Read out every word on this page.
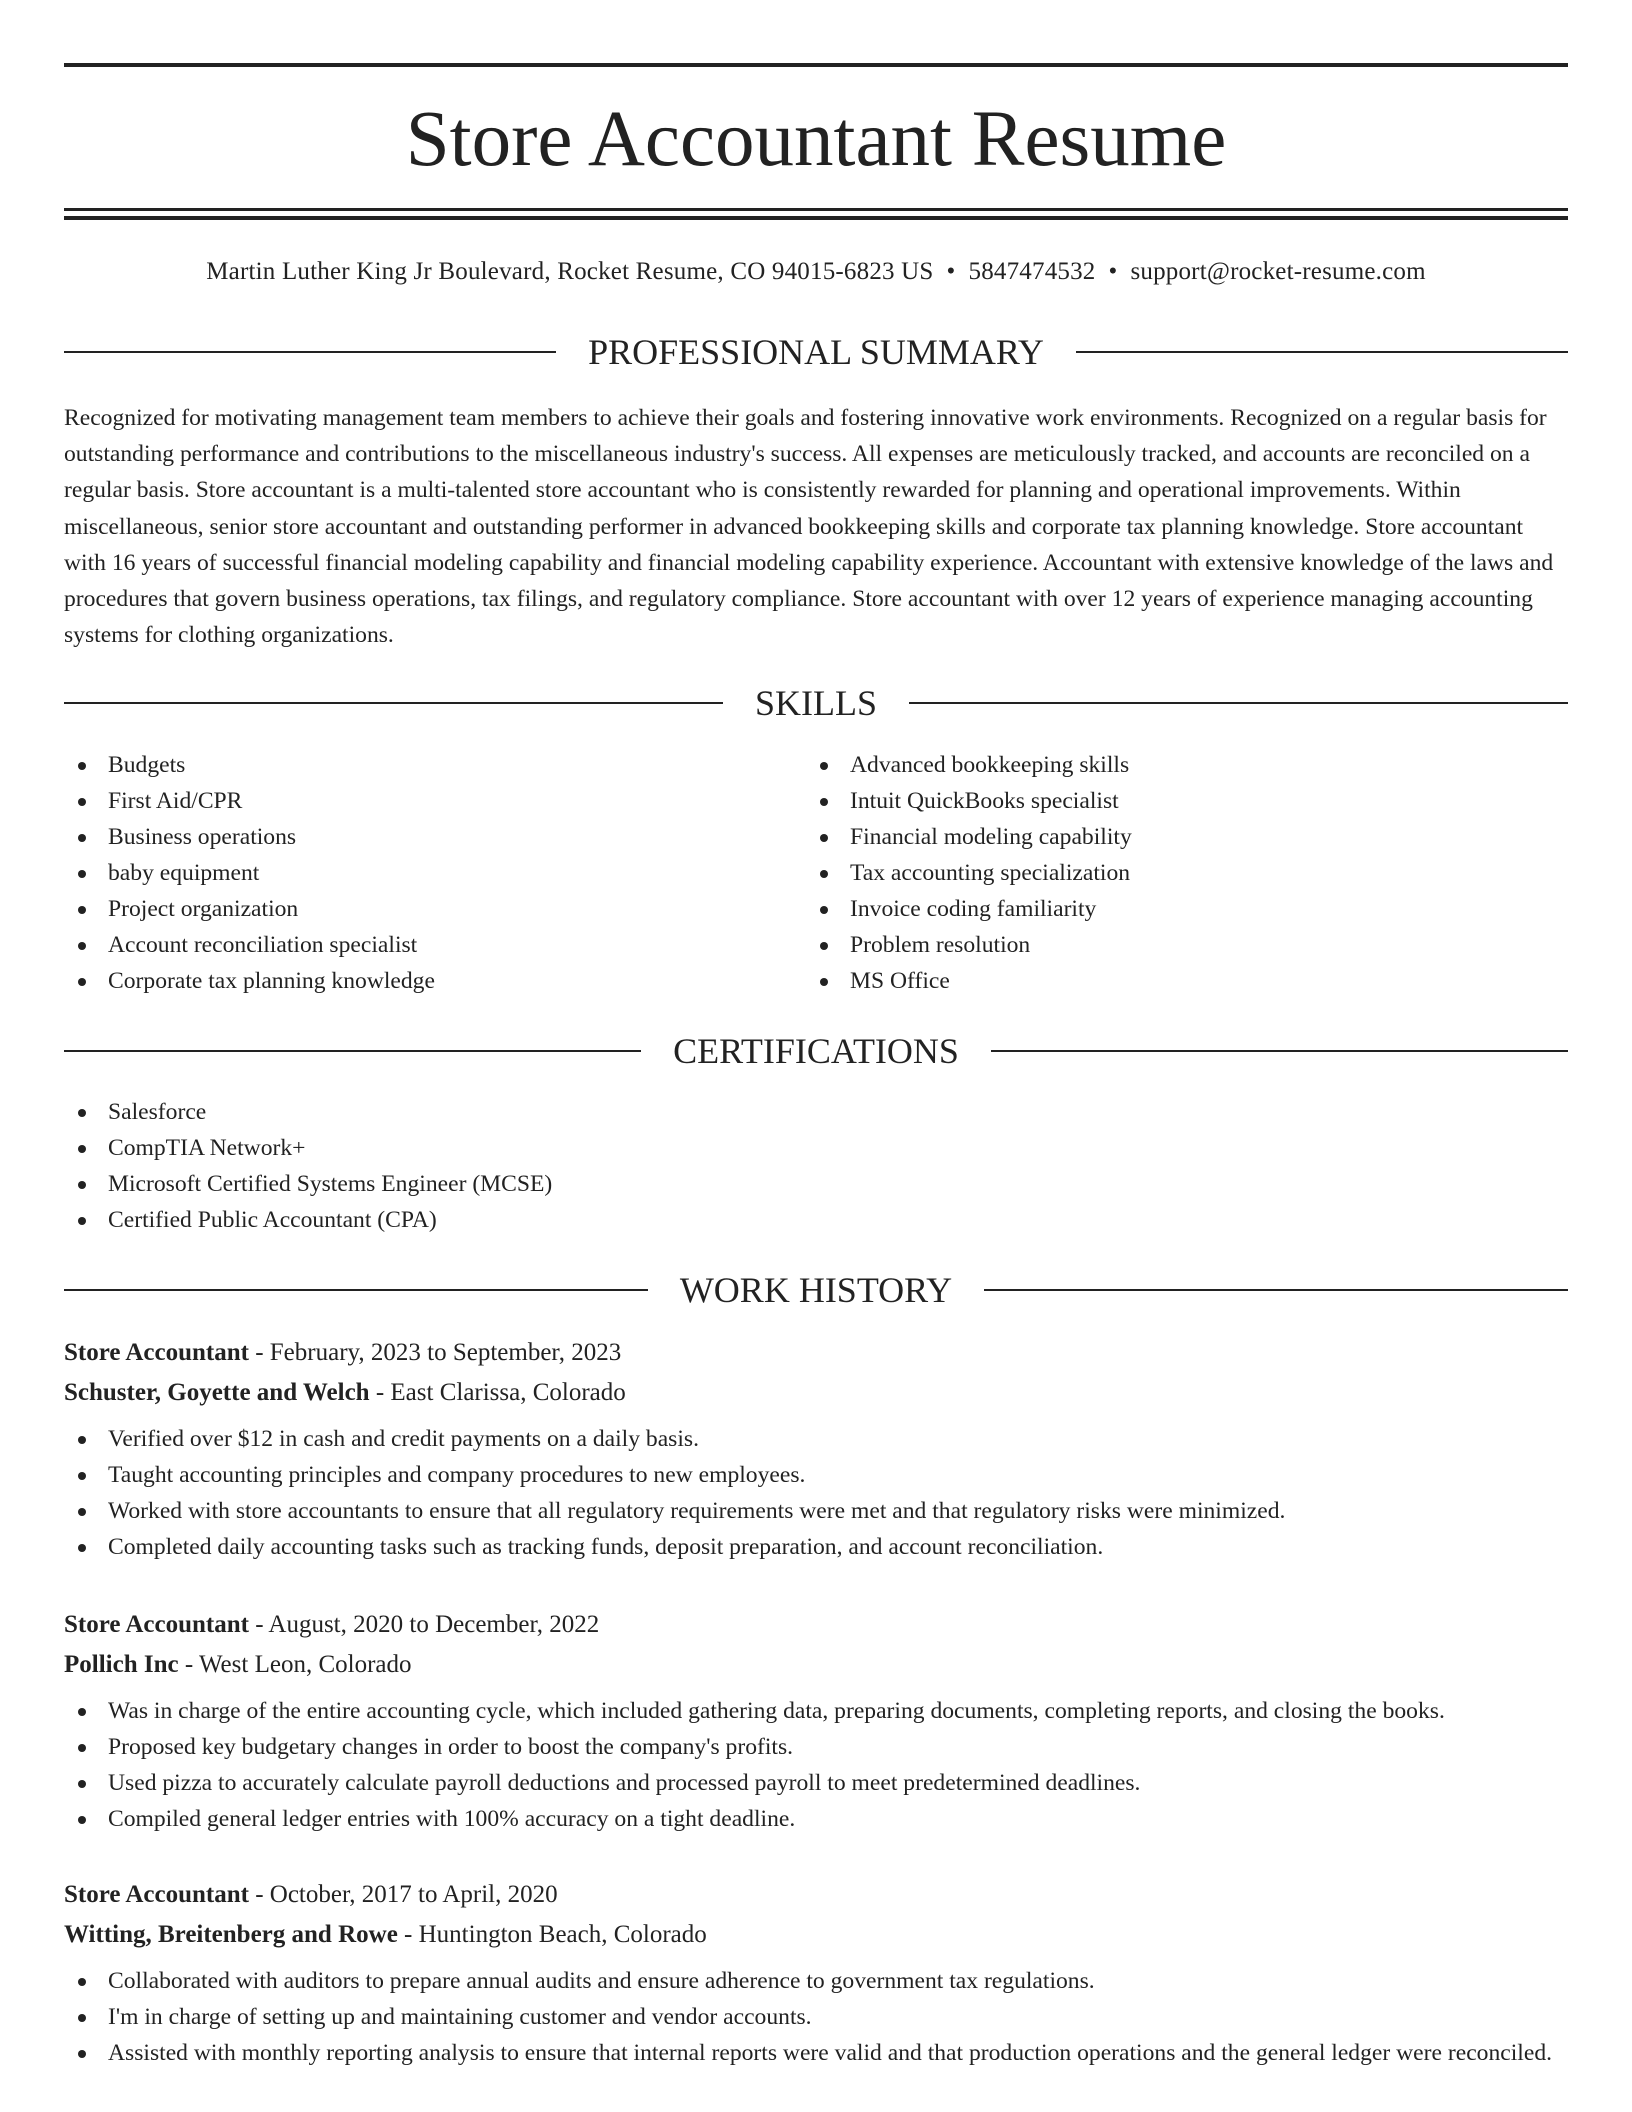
Store Accountant Resume
Martin Luther King Jr Boulevard, Rocket Resume, CO 94015-6823 US • 5847474532 • support@rocket-resume.com
PROFESSIONAL SUMMARY

Recognized for motivating management team members to achieve their goals and fostering innovative work environments. Recognized on a regular basis for outstanding performance and contributions to the miscellaneous industry's success. All expenses are meticulously tracked, and accounts are reconciled on a regular basis. Store accountant is a multi-talented store accountant who is consistently rewarded for planning and operational improvements. Within miscellaneous, senior store accountant and outstanding performer in advanced bookkeeping skills and corporate tax planning knowledge. Store accountant with 16 years of successful financial modeling capability and financial modeling capability experience. Accountant with extensive knowledge of the laws and procedures that govern business operations, tax filings, and regulatory compliance. Store accountant with over 12 years of experience managing accounting systems for clothing organizations.

SKILLS
Budgets
First Aid/CPR
Business operations
baby equipment
Project organization
Account reconciliation specialist
Corporate tax planning knowledge
Advanced bookkeeping skills
Intuit QuickBooks specialist
Financial modeling capability
Tax accounting specialization
Invoice coding familiarity
Problem resolution
MS Office
CERTIFICATIONS
Salesforce
CompTIA Network+
Microsoft Certified Systems Engineer (MCSE)
Certified Public Accountant (CPA)
WORK HISTORY
Store Accountant - February, 2023 to September, 2023
Schuster, Goyette and Welch - East Clarissa, Colorado
Verified over $12 in cash and credit payments on a daily basis.
Taught accounting principles and company procedures to new employees.
Worked with store accountants to ensure that all regulatory requirements were met and that regulatory risks were minimized.
Completed daily accounting tasks such as tracking funds, deposit preparation, and account reconciliation.
Store Accountant - August, 2020 to December, 2022
Pollich Inc - West Leon, Colorado
Was in charge of the entire accounting cycle, which included gathering data, preparing documents, completing reports, and closing the books.
Proposed key budgetary changes in order to boost the company's profits.
Used pizza to accurately calculate payroll deductions and processed payroll to meet predetermined deadlines.
Compiled general ledger entries with 100% accuracy on a tight deadline.
Store Accountant - October, 2017 to April, 2020
Witting, Breitenberg and Rowe - Huntington Beach, Colorado
Collaborated with auditors to prepare annual audits and ensure adherence to government tax regulations.
I'm in charge of setting up and maintaining customer and vendor accounts.
Assisted with monthly reporting analysis to ensure that internal reports were valid and that production operations and the general ledger were reconciled.
